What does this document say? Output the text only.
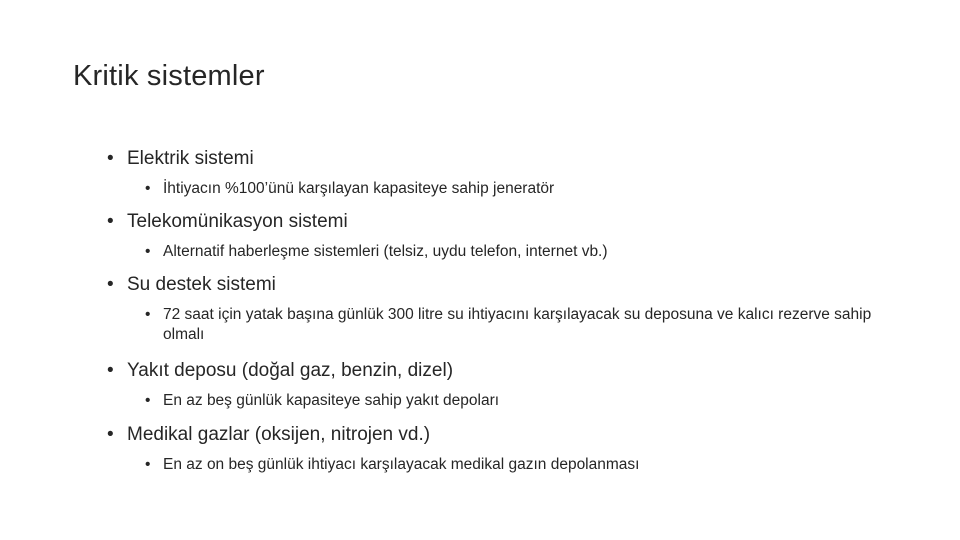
Kritik sistemler
• Elektrik sistemi
• İhtiyacın %100’ünü karşılayan kapasiteye sahip jeneratör
• Telekomünikasyon sistemi
• Alternatif haberleşme sistemleri (telsiz, uydu telefon, internet vb.)
• Su destek sistemi
• 72 saat için yatak başına günlük 300 litre su ihtiyacını karşılayacak su deposuna ve kalıcı rezerve sahip olmalı
• Yakıt deposu (doğal gaz, benzin, dizel)
• En az beş günlük kapasiteye sahip yakıt depoları
• Medikal gazlar (oksijen, nitrojen vd.)
• En az on beş günlük ihtiyacı karşılayacak medikal gazın depolanması
